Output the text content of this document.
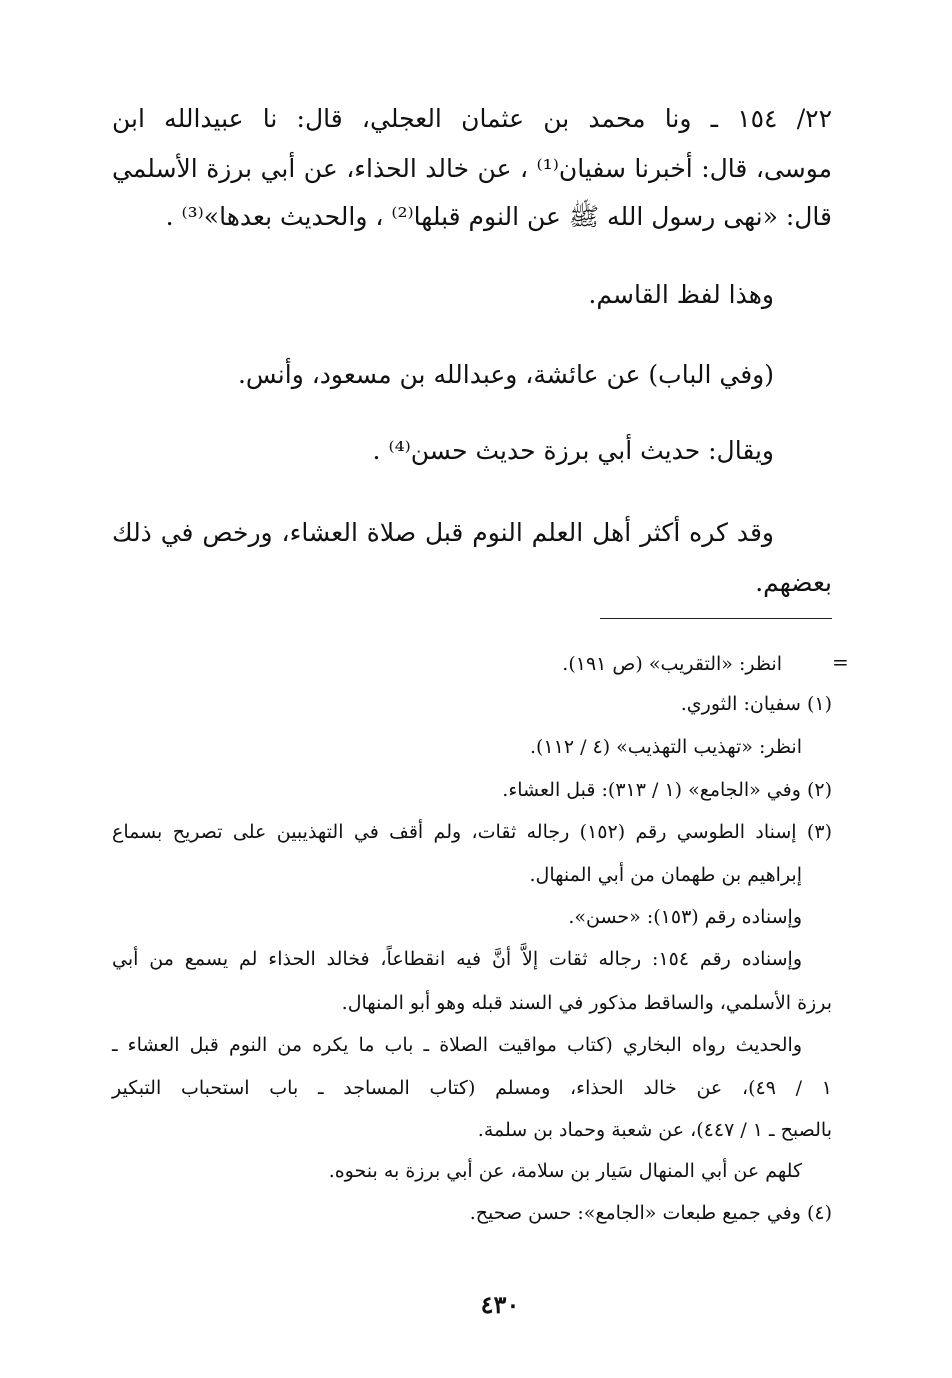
٢٢/ ١٥٤ ـ ونا محمد بن عثمان العجلي، قال: نا عبيدالله ابن
موسى، قال: أخبرنا سفيان⁽¹⁾ ، عن خالد الحذاء، عن أبي برزة الأسلمي
قال: «نهى رسول الله ﷺ عن النوم قبلها⁽²⁾ ، والحديث بعدها»⁽³⁾ .
وهذا لفظ القاسم.
(وفي الباب) عن عائشة، وعبدالله بن مسعود، وأنس.
ويقال: حديث أبي برزة حديث حسن⁽⁴⁾ .
وقد كره أكثر أهل العلم النوم قبل صلاة العشاء، ورخص في ذلك
بعضهم.
=
انظر: «التقريب» (ص ١٩١).
(١) سفيان: الثوري.
انظر: «تهذيب التهذيب» (٤ / ١١٢).
(٢) وفي «الجامع» (١ / ٣١٣): قبل العشاء.
(٣) إسناد الطوسي رقم (١٥٢) رجاله ثقات، ولم أقف في التهذيبين على تصريح بسماع
إبراهيم بن طهمان من أبي المنهال.
وإسناده رقم (١٥٣): «حسن».
وإسناده رقم ١٥٤: رجاله ثقات إلاَّ أنَّ فيه انقطاعاً، فخالد الحذاء لم يسمع من أبي
برزة الأسلمي، والساقط مذكور في السند قبله وهو أبو المنهال.
والحديث رواه البخاري (كتاب مواقيت الصلاة ـ باب ما يكره من النوم قبل العشاء ـ
١ / ٤٩)، عن خالد الحذاء، ومسلم (كتاب المساجد ـ باب استحباب التبكير
بالصبح ـ ١ / ٤٤٧)، عن شعبة وحماد بن سلمة.
كلهم عن أبي المنهال سَيار بن سلامة، عن أبي برزة به بنحوه.
(٤) وفي جميع طبعات «الجامع»: حسن صحيح.
٤٣٠
